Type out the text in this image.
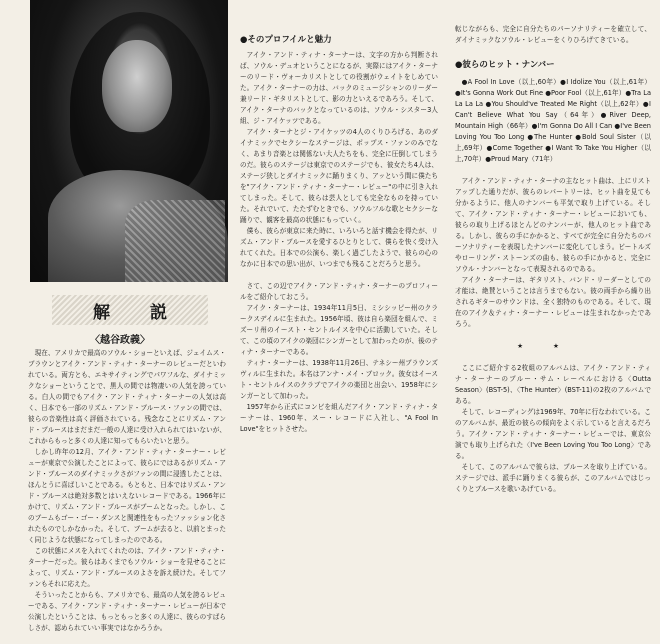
解説
〈越谷政義〉

現在、アメリカで最高のソウル・ショーといえば、ジェイムス・ブラウンとアイク・アンド・ティナ・ターナーのレビューだといわれている。両方とも、エキサイティングでパワフルな、ダイナミックなショーということで、黒人の間では物凄いの人気を誇っている。白人の間でもアイク・アンド・ティナ・ターナーの人気は高く、日本でも一部のリズム・アンド・ブルース・ファンの間では、彼らの音楽性は高く評価されている。残念なことにリズム・アンド・ブルースはまだまだ一般の人達に受け入れられてはいないが、これからもっと多くの人達に知ってもらいたいと思う。

しかし昨年の12月、アイク・アンド・ティナ・ターナー・レビューが東京で公演したことによって、彼らにではあるがリズム・アンド・ブルースのダイナミックさがファンの間に浸透したことは、ほんとうに喜ばしいことである。もともと、日本ではリズム・アンド・ブルースは絶対多数とはいえないレコードである。1966年にかけて、リズム・アンド・ブルースがブームとなった。しかし、このブームもゴー・ゴー・ダンスと関連性をもったファッション化されたものでしかなかった。そして、ブームが去ると、以前とまったく同じような状態になってしまったのである。

この状態にメスを入れてくれたのは、アイク・アンド・ティナ・ターナーだった。彼らはあくまでもソウル・ショーを見せることによって、リズム・アンド・ブルースのよさを訴え続けた。そしてファンもそれに応えた。

そういったことからも、アメリカでも、最高の人気を誇るレビューである、アイク・アンド・ティナ・ターナー・レビューが日本で公演したということは、もっともっと多くの人達に、彼らのすばらしさが、認められていい事実ではなかろうか。

●そのプロフイルと魅力

アイク・アンド・ティナ・ターナーは、文字の方から判断されば、ソウル・デュオということになるが、実際にはアイク・ターナーのリード・ヴォーカリストとしての役割がウェイトをしめていた。アイク・ターナーの力は、バックのミュージシャンのリーダー兼リード・ギタリストとして、影の力といえるであろう。そして、アイク・ターナのバックとなっているのは、ソウル・シスター3人組、ジ・アイケッツである。

アイク・ターナとジ・アイケッツの4人のくりひろげる、あのダイナミックでセクシーなステージは、ポップス・ファンのみでなく、あまり音楽とは関係ない大人たちをも、完全に圧倒してしまうのだ。彼らのステージは東京でのステージでも、彼女たち4人は、ステージ狭しとダイナミックに踊りまくり、アッという間に僕たちを"アイク・アンド・ティナ・ターナー・レビュー"の中に引き入れてしまった。そして、彼らは芸人としても完全なものを持っていた。それでいて、たたずむときでも、ソウルフルな歌とセクシーな踊りで、観客を最高の状態にもっていく。

僕も、彼らが東京に来た時に、いろいろと話す機会を得たが、リズム・アンド・ブルースを愛するひとりとして、僕らを快く受け入れてくれた。日本での公演も、楽しく過ごしたようで、彼らの心のなかに日本での思い出が、いつまでも残ることだろうと思う。

さて、この辺でアイク・アンド・ティナ・ターナーのプロフィールをご紹介しておこう。

アイク・ターナーは、1934年11月5日、ミシシッピー州のクラークスデイルに生まれた。1956年頃、彼は自ら楽団を組んで、ミズーリ州のイースト・セントルイスを中心に活動していた。そして、この頃のアイクの楽団にシンガーとして加わったのが、後のティナ・ターナーである。

ティナ・ターナーは、1938年11月26日、テネシー州ブラウンズヴィルに生まれた。本名はアンナ・メイ・ブロック。彼女はイースト・セントルイスのクラブでアイクの楽団と出会い、1958年にシンガーとして加わった。

1957年から正式にコンビを組んだアイク・アンド・ティナ・ターナーは、1960年、スー・レコードに入社し、"A Fool In Love"をヒットさせた。

転じながらも、完全に自分たちのパーソナリティーを確立して、ダイナミックなソウル・レビューをくりひろげてきている。

●彼らのヒット・ナンバー

●A Fool In Love（以上,60年）●I Idolize You（以上,61年）●It's Gonna Work Out Fine ●Poor Fool（以上,61年）●Tra La La La La ●You Should've Treated Me Right（以上,62年）●I Can't Believe What You Say（64年）●River Deep, Mountain High（66年）●I'm Gonna Do All I Can ●I've Been Loving You Too Long ●The Hunter ●Bold Soul Sister（以上,69年）●Come Together ●I Want To Take You Higher（以上,70年）●Proud Mary（71年）

アイク・アンド・ティナ・ターナの主なヒット曲は、上にリストアップした通りだが、彼らのレパートリーは、ヒット曲を見ても分かるように、他人のナンバーも平気で取り上げている。そして、アイク・アンド・ティナ・ターナー・レビューにおいても、彼らの取り上げるほとんどのナンバーが、他人のヒット曲である。しかし、彼らの手にかかると、すべてが完全に自分たちのパーソナリティーを表現したナンバーに変化してしまう。ビートルズやローリング・ストーンズの曲も、彼らの手にかかると、完全にソウル・ナンバーとなって表現されるのである。

アイク・ターナーは、ギタリスト、バンド・リーダーとしての才能は、絶賛ということは言うまでもない。彼の両手から繰り出されるギターのサウンドは、全く独特のものである。そして、現在のアイク＆ティナ・ターナー・レビューは生まれなかったであろう。

★★

ここにご紹介する2枚組のアルバムは、アイク・アンド・ティナ・ターナーのブルー・サム・レーベルにおける〈Outta Season〉(BST-5)、〈The Hunter〉(BST-11)の2枚のアルバムである。

そして、レコーディングは1969年、70年に行なわれている。このアルバムが、最近の彼らの傾向をよく示していると言えるだろう。アイク・アンド・ティナ・ターナー・レビューでは、東京公演でも取り上げられた〈I've Been Loving You Too Long〉である。

そして、このアルバムで彼らは、ブルースを取り上げている。ステージでは、派手に踊りまくる彼らが、このアルバムではじっくりとブルースを歌いあげている。
